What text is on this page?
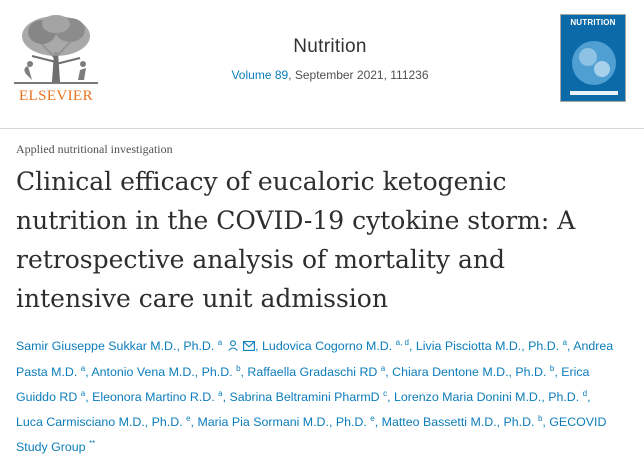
ELSEVIER
Nutrition
Volume 89, September 2021, 111236
NUTRITION
Applied nutritional investigation
Clinical efficacy of eucaloric ketogenic
nutrition in the COVID-19 cytokine storm: A
retrospective analysis of mortality and
intensive care unit admission
Samir Giuseppe Sukkar M.D., Ph.D. $^a$	, Ludovica Cogorno M.D. $^{a, d}$, Livia Pisciotta M.D., Ph.D. $^a$, Andrea
Pasta M.D. $^a$, Antonio Vena M.D., Ph.D. $^b$, Raffaella Gradaschi RD $^a$, Chiara Dentone M.D., Ph.D. $^b$, Erica
Guiddo RD $^a$, Eleonora Martino R.D. $^a$, Sabrina Beltramini PharmD $^c$, Lorenzo Maria Donini M.D., Ph.D. $^d$,
Luca Carmisciano M.D., Ph.D. $^e$, Maria Pia Sormani M.D., Ph.D. $^e$, Matteo Bassetti M.D., Ph.D. $^b$, GECOVID
Study Group **
